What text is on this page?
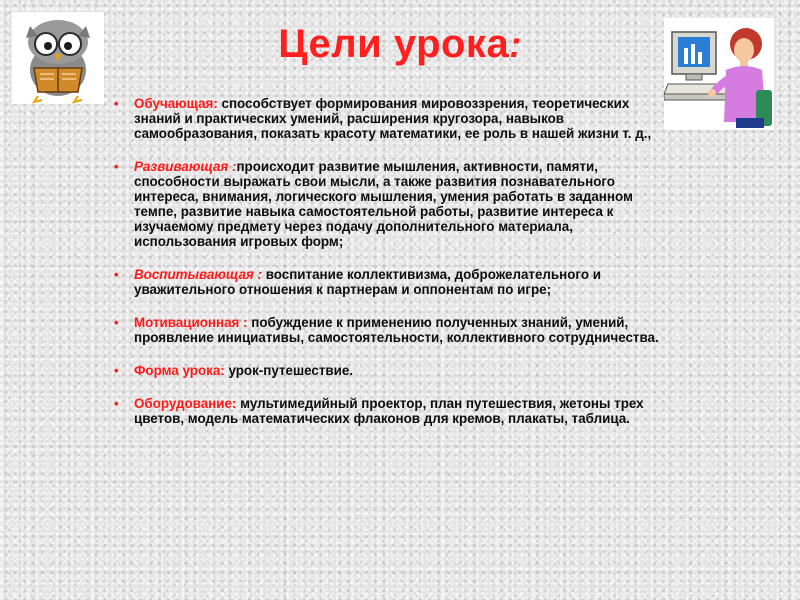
Цели урока:
• Обучающая: способствует формирования мировоззрения, теоретических знаний и практических умений, расширения кругозора, навыков самообразования, показать красоту математики, ее роль в нашей жизни т. д.,
• Развивающая :происходит развитие мышления, активности, памяти, способности выражать свои мысли, а также развития познавательного интереса, внимания, логического мышления, умения работать в заданном темпе, развитие навыка самостоятельной работы, развитие интереса к изучаемому предмету через подачу дополнительного материала, использования игровых форм;
• Воспитывающая : воспитание коллективизма, доброжелательного и уважительного отношения к партнерам и оппонентам по игре;
• Мотивационная : побуждение к применению полученных знаний, умений, проявление инициативы, самостоятельности, коллективного сотрудничества.
• Форма урока: урок-путешествие.
• Оборудование: мультимедийный проектор, план путешествия, жетоны трех цветов, модель математических флаконов для кремов, плакаты, таблица.
